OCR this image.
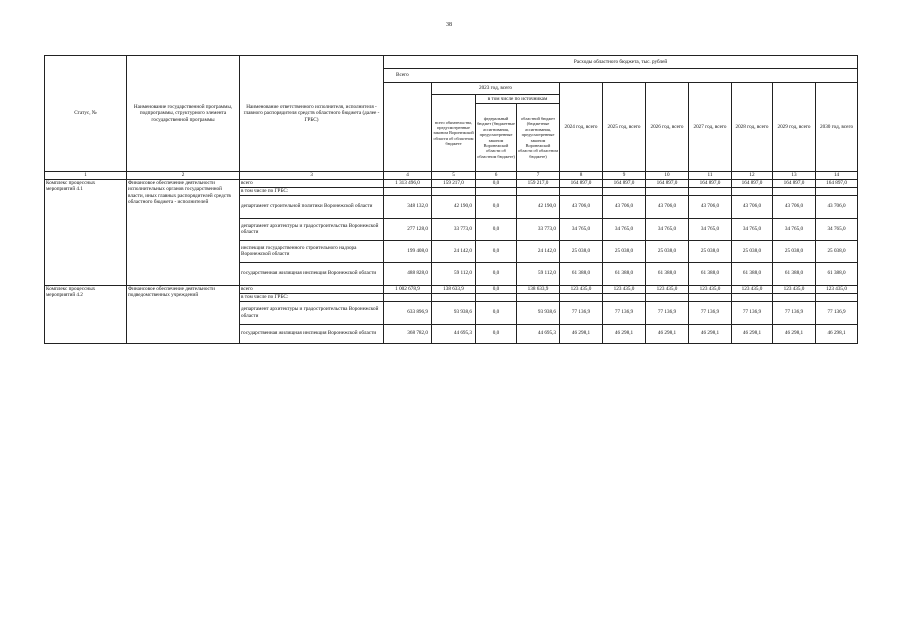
38
Статус, №	Наименование государственной программы, подпрограммы, структурного элемента государственной программы	Наименование ответственного исполнителя, исполнителя - главного распорядителя средств областного бюджета (далее - ГРБС)	Расходы областного бюджета, тыс. рублей										
			Всего										
				2023 год, всего			2024 год, всего	2025 год, всего	2026 год, всего	2027 год, всего	2028 год, всего	2029 год, всего	2030 год, всего
				всего обязательства, предусмотренные законом Воронежской области об областном бюджете	в том числе по источникам								
					федеральный бюджет (бюджетные ассигнования, предусмотренные законом Воронежской области об областном бюджете)	областной бюджет (бюджетные ассигнования, предусмотренные законом Воронежской области об областном бюджете)							
1	2	3	4	5	6	7	8	9	10	11	12	13	14
Комплекс процессных мероприятий 4.1	Финансовое обеспечение деятельности исполнительных органов государственной власти, иных главных распорядителей средств областного бюджета - исполнителей	всего	1 313 496,0	159 217,0	0,0	159 217,0	164 897,0	164 897,0	164 897,0	164 897,0	164 897,0	164 897,0	164 897,0
		в том числе по ГРБС:											
		департамент строительной политики Воронежской области	348 132,0	42 190,0	0,0	42 190,0	43 706,0	43 706,0	43 706,0	43 706,0	43 706,0	43 706,0	43 706,0
		департамент архитектуры и градостроительства Воронежской области	277 128,0	33 773,0	0,0	33 773,0	34 765,0	34 765,0	34 765,0	34 765,0	34 765,0	34 765,0	34 765,0
		инспекция государственного строительного надзора Воронежской области	199 408,0	24 142,0	0,0	24 142,0	25 038,0	25 038,0	25 038,0	25 038,0	25 038,0	25 038,0	25 038,0
		государственная жилищная инспекция Воронежской области	488 828,0	59 112,0	0,0	59 112,0	61 388,0	61 388,0	61 388,0	61 388,0	61 388,0	61 388,0	61 388,0
Комплекс процессных мероприятий 4.2	Финансовое обеспечение деятельности подведомственных учреждений	всего	1 002 678,9	138 633,9	0,0	138 633,9	123 435,0	123 435,0	123 435,0	123 435,0	123 435,0	123 435,0	123 435,0
		в том числе по ГРБС:											
		департамент архитектуры и градостроительства Воронежской области	633 896,9	93 938,6	0,0	93 938,6	77 136,9	77 136,9	77 136,9	77 136,9	77 136,9	77 136,9	77 136,9
		государственная жилищная инспекция Воронежской области	368 782,0	44 695,3	0,0	44 695,3	46 298,1	46 298,1	46 298,1	46 298,1	46 298,1	46 298,1	46 298,1
